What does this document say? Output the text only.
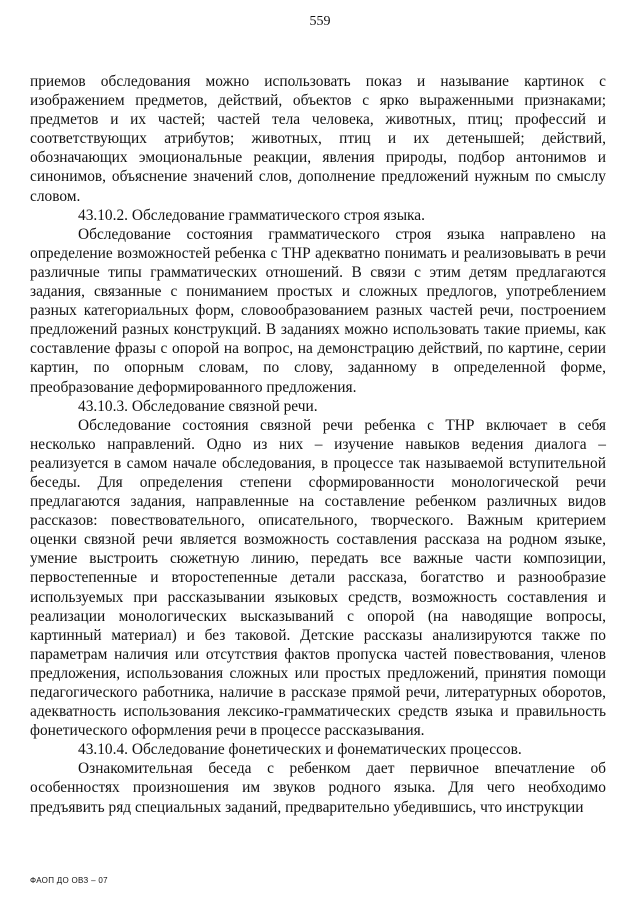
559

приемов обследования можно использовать показ и называние картинок с изображением предметов, действий, объектов с ярко выраженными признаками; предметов и их частей; частей тела человека, животных, птиц; профессий и соответствующих атрибутов; животных, птиц и их детенышей; действий, обозначающих эмоциональные реакции, явления природы, подбор антонимов и синонимов, объяснение значений слов, дополнение предложений нужным по смыслу словом.

43.10.2. Обследование грамматического строя языка.

Обследование состояния грамматического строя языка направлено на определение возможностей ребенка с ТНР адекватно понимать и реализовывать в речи различные типы грамматических отношений. В связи с этим детям предлагаются задания, связанные с пониманием простых и сложных предлогов, употреблением разных категориальных форм, словообразованием разных частей речи, построением предложений разных конструкций. В заданиях можно использовать такие приемы, как составление фразы с опорой на вопрос, на демонстрацию действий, по картине, серии картин, по опорным словам, по слову, заданному в определенной форме, преобразование деформированного предложения.

43.10.3. Обследование связной речи.

Обследование состояния связной речи ребенка с ТНР включает в себя несколько направлений. Одно из них – изучение навыков ведения диалога – реализуется в самом начале обследования, в процессе так называемой вступительной беседы. Для определения степени сформированности монологической речи предлагаются задания, направленные на составление ребенком различных видов рассказов: повествовательного, описательного, творческого. Важным критерием оценки связной речи является возможность составления рассказа на родном языке, умение выстроить сюжетную линию, передать все важные части композиции, первостепенные и второстепенные детали рассказа, богатство и разнообразие используемых при рассказывании языковых средств, возможность составления и реализации монологических высказываний с опорой (на наводящие вопросы, картинный материал) и без таковой. Детские рассказы анализируются также по параметрам наличия или отсутствия фактов пропуска частей повествования, членов предложения, использования сложных или простых предложений, принятия помощи педагогического работника, наличие в рассказе прямой речи, литературных оборотов, адекватность использования лексико-грамматических средств языка и правильность фонетического оформления речи в процессе рассказывания.

43.10.4. Обследование фонетических и фонематических процессов.

Ознакомительная беседа с ребенком дает первичное впечатление об особенностях произношения им звуков родного языка. Для чего необходимо предъявить ряд специальных заданий, предварительно убедившись, что инструкции

ФАОП ДО ОВЗ – 07
